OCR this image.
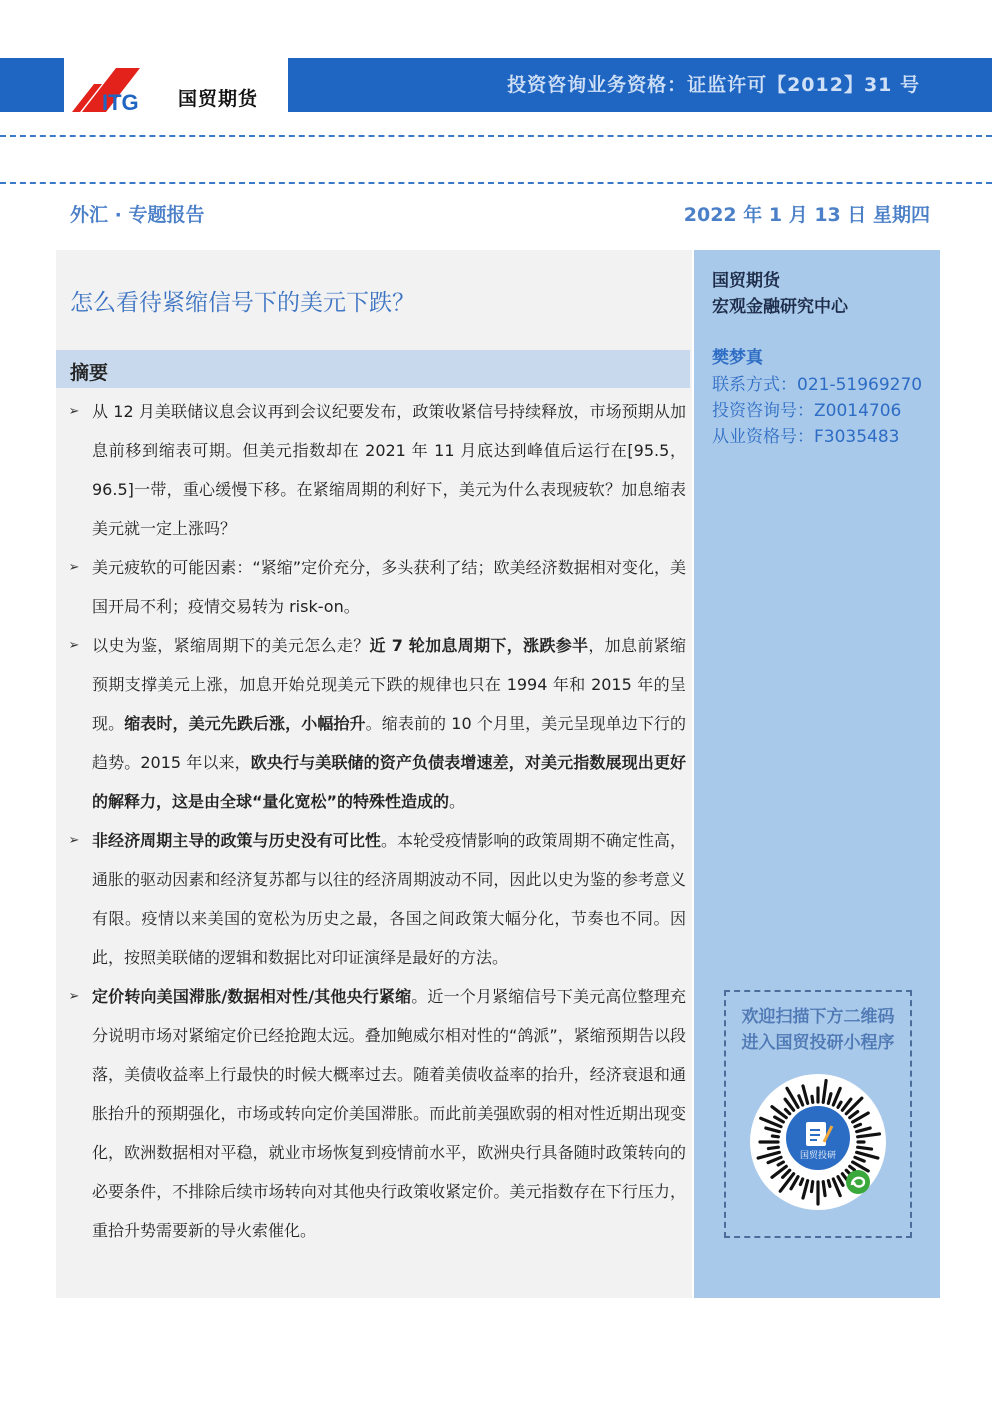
ITG 国贸期货
投资咨询业务资格：证监许可【2012】31 号
外汇 · 专题报告	2022 年 1 月 13 日 星期四
怎么看待紧缩信号下的美元下跌？
摘要
➢ 从 12 月美联储议息会议再到会议纪要发布，政策收紧信号持续释放，市场预期从加息前移到缩表可期。但美元指数却在 2021 年 11 月底达到峰值后运行在[95.5，96.5]一带，重心缓慢下移。在紧缩周期的利好下，美元为什么表现疲软？加息缩表美元就一定上涨吗？
➢ 美元疲软的可能因素：“紧缩”定价充分，多头获利了结；欧美经济数据相对变化，美国开局不利；疫情交易转为 risk-on。
➢ 以史为鉴，紧缩周期下的美元怎么走？近 7 轮加息周期下，涨跌参半，加息前紧缩预期支撑美元上涨，加息开始兑现美元下跌的规律也只在 1994 年和 2015 年的呈现。缩表时，美元先跌后涨，小幅抬升。缩表前的 10 个月里，美元呈现单边下行的趋势。2015 年以来，欧央行与美联储的资产负债表增速差，对美元指数展现出更好的解释力，这是由全球“量化宽松”的特殊性造成的。
➢ 非经济周期主导的政策与历史没有可比性。本轮受疫情影响的政策周期不确定性高，通胀的驱动因素和经济复苏都与以往的经济周期波动不同，因此以史为鉴的参考意义有限。疫情以来美国的宽松为历史之最，各国之间政策大幅分化，节奏也不同。因此，按照美联储的逻辑和数据比对印证演绎是最好的方法。
➢ 定价转向美国滞胀/数据相对性/其他央行紧缩。近一个月紧缩信号下美元高位整理充分说明市场对紧缩定价已经抢跑太远。叠加鲍威尔相对性的“鸽派”，紧缩预期告以段落，美债收益率上行最快的时候大概率过去。随着美债收益率的抬升，经济衰退和通胀抬升的预期强化，市场或转向定价美国滞胀。而此前美强欧弱的相对性近期出现变化，欧洲数据相对平稳，就业市场恢复到疫情前水平，欧洲央行具备随时政策转向的必要条件，不排除后续市场转向对其他央行政策收紧定价。美元指数存在下行压力，重拾升势需要新的导火索催化。
国贸期货
宏观金融研究中心
樊梦真
联系方式：021-51969270
投资咨询号：Z0014706
从业资格号：F3035483
欢迎扫描下方二维码
进入国贸投研小程序
国贸投研
